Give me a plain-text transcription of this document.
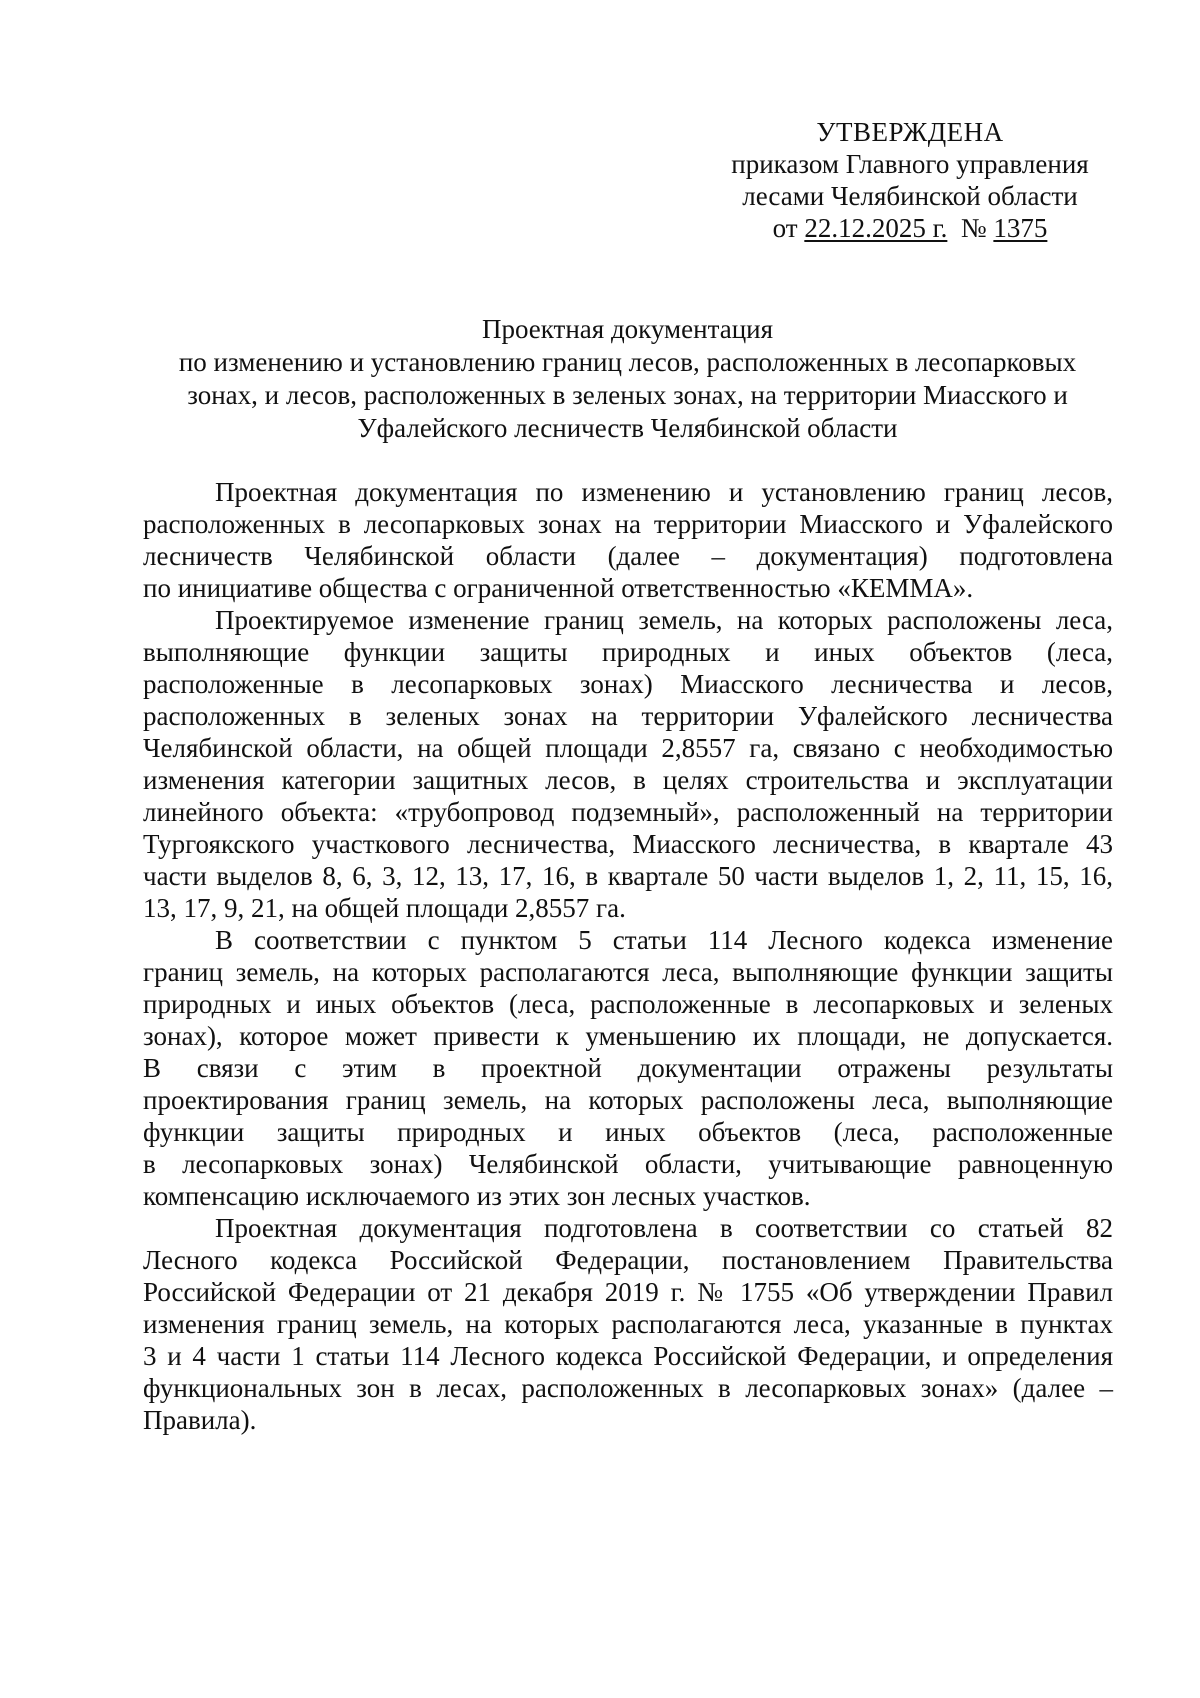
УТВЕРЖДЕНА
приказом Главного управления
лесами Челябинской области
от 22.12.2025 г. № 1375
Проектная документация
по изменению и установлению границ лесов, расположенных в лесопарковых
зонах, и лесов, расположенных в зеленых зонах, на территории Миасского и
Уфалейского лесничеств Челябинской области

Проектная документация по изменению и установлению границ лесов,
расположенных в лесопарковых зонах на территории Миасского и Уфалейского
лесничеств Челябинской области (далее – документация) подготовлена
по инициативе общества с ограниченной ответственностью «КЕММА».

Проектируемое изменение границ земель, на которых расположены леса,
выполняющие функции защиты природных и иных объектов (леса,
расположенные в лесопарковых зонах) Миасского лесничества и лесов,
расположенных в зеленых зонах на территории Уфалейского лесничества
Челябинской области, на общей площади 2,8557 га, связано с необходимостью
изменения категории защитных лесов, в целях строительства и эксплуатации
линейного объекта: «трубопровод подземный», расположенный на территории
Тургоякского участкового лесничества, Миасского лесничества, в квартале 43
части выделов 8, 6, 3, 12, 13, 17, 16, в квартале 50 части выделов 1, 2, 11, 15, 16,
13, 17, 9, 21, на общей площади 2,8557 га.

В соответствии с пунктом 5 статьи 114 Лесного кодекса изменение
границ земель, на которых располагаются леса, выполняющие функции защиты
природных и иных объектов (леса, расположенные в лесопарковых и зеленых
зонах), которое может привести к уменьшению их площади, не допускается.
В связи с этим в проектной документации отражены результаты
проектирования границ земель, на которых расположены леса, выполняющие
функции защиты природных и иных объектов (леса, расположенные
в лесопарковых зонах) Челябинской области, учитывающие равноценную
компенсацию исключаемого из этих зон лесных участков.

Проектная документация подготовлена в соответствии со статьей 82
Лесного кодекса Российской Федерации, постановлением Правительства
Российской Федерации от 21 декабря 2019 г. № 1755 «Об утверждении Правил
изменения границ земель, на которых располагаются леса, указанные в пунктах
3 и 4 части 1 статьи 114 Лесного кодекса Российской Федерации, и определения
функциональных зон в лесах, расположенных в лесопарковых зонах» (далее –
Правила).
